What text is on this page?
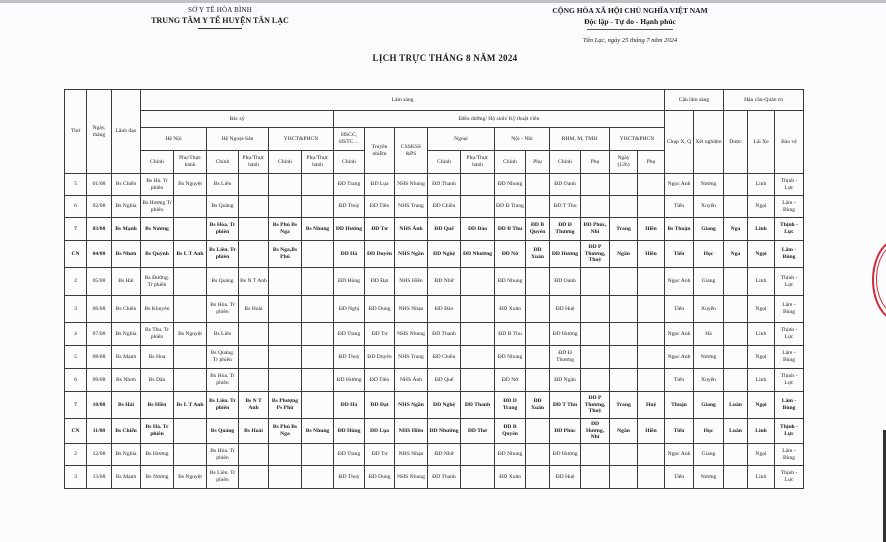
SỞ Y TẾ HÒA BÌNH
TRUNG TÂM Y TẾ HUYỆN TÂN LẠC
CỘNG HÒA XÃ HỘI CHỦ NGHĨA VIỆT NAM
Độc lập - Tự do - Hạnh phúc
Tân Lạc, ngày 25 tháng 7 năm 2024
LỊCH TRỰC THÁNG 8 NĂM 2024
Thứ	Ngày, tháng	Lãnh đạo	Lâm sàng																	Cận lâm sàng		Hậu cần-Quản trị		
			Bác sỹ						Điều dưỡng/ Hộ sinh/ Kỹ thuật viên											Chụp X, Q	Xét nghiệm	Dược	Lái Xe	Bảo vệ
			Hệ Nội		Hệ Ngoại-Sản		YHCT&PHCN		HSCC, HSTC…	Truyền nhiễm	CSSKSS &PS	Ngoại		Nội - Nhi		RHM, M, TMH		YHCT&PHCN						
			Chính	Phụ/Thực hành	Chính	Phụ/Thực hành	Chính	Phụ/Thực hành	Chính			Chính	Phụ/Thực hành	Chính	Phụ	Chính	Phụ	Ngày (12h)	Phụ					
5	01/08	Bs Chiến	Bs Hà. Tr phiên	Bs Nguyệt	Bs Liên				ĐD Trang	ĐD Lụa	NHS Nhung	ĐD Thanh		ĐD Nhung		ĐD Oanh				Ngọc Anh	Nương		Linh	Thịnh - Lực
6	02/08	Bs Nghĩa	Bs Hương Tr phiên		Bs Quảng				ĐD Thuỳ	ĐD Tiên	NHS Trang	ĐD Chiều		ĐD Đ Trang		ĐD T Thu				Tiến	Xuyến		Ngọi	Lâm - Bùng
7	03/08	Bs Mạnh	Bs Nương		Bs Hòa. Tr phiên		Bs Phú Bs Nga	Bs Nhung	ĐD Hường	ĐD Tư	NHS Ánh	ĐD Quế	ĐD Đào	ĐD B Thu	ĐD B Quyên	ĐD Đ Thương	ĐD Phúc, Nhi	Trang	Hiền	Bs Thuận	Giang	Nga	Linh	Thịnh - Lực
CN	04/08	Bs Nhơn	Bs Quỳnh	Bs L T Anh	Bs Liên. Tr phiên		Bs Nga,Bs Phú		ĐD Hà	ĐD Duyên	NHS Ngần	ĐD Nghệ	ĐD Nhường	ĐD Nở	ĐD Xuân	ĐD Hương	ĐD P Thương, Thuỳ	Ngần	Hiền	Tiến	Học	Nga	Ngọi	Lâm - Bùng
2	05/08	Bs Hải	Bs Đường. Tr phiên		Bs Quảng	Bs N T Anh			ĐD Hùng	ĐD Đạt	NHS Hiền	ĐD Nhữ		ĐD Nhung		ĐD Oanh				Ngọc Anh	Giang		Linh	Thịnh - Lực
3	06/08	Bs Chiến	Bs Khuyên		Bs Hòa. Tr phiên	Bs Hoài			ĐD Nghị	ĐD Dung	NHS Nhạn	ĐD Đào		ĐD Xuân		ĐD Huệ				Tiến	Xuyến		Ngọi	Lâm - Bùng
4	07/08	Bs Nghĩa	Bs Thu. Tr phiên	Bs Nguyệt	Bs Liên				ĐD Trang	ĐD Tư	NHS Nhung	ĐD Thanh		ĐD B Thu		ĐD Hương				Ngọc Anh	Hà		Linh	Thịnh - Lực
5	08/08	Bs Mạnh	Bs Hoa		Bs Quảng. Tr phiên				ĐD Thuỳ	ĐD Duyên	NHS Trang	ĐD Chiều		ĐD Nhung		ĐD Đ Thương				Ngọc Anh	Nương		Ngọi	Lâm - Bùng
6	09/08	Bs Nhơn	Bs Dân		Bs Hòa. Tr phiên				ĐD Hường	ĐD Tiên	NHS Ánh	ĐD Quế		ĐD Nở		ĐD Ngân				Tiến	Xuyến		Linh	Thịnh - Lực
7	10/08	Bs Hải	Bs Hiền	Bs L T Anh	Bs Liên. Tr phiên	Bs N T Anh	Bs Phượng Ps Phú		ĐD Hà	ĐD Đạt	NHS Ngần	ĐD Nghệ	ĐD Thanh	ĐD D Trang	ĐD Xuân	ĐD T Thu	ĐD P Thương, Thuỳ	Trang	Huệ	Thuận	Giang	Luân	Ngọi	Lâm - Bùng
CN	11/08	Bs Chiến	Bs Hà. Tr phiên		Bs Quảng	Bs Hoài	Bs Phú Bs Nga	Bs Nhung	ĐD Hùng	ĐD Lụa	NHS Hiền	ĐD Nhường	ĐD Thơ	ĐD B Quyên		ĐD Phúc	ĐD Hương, Nhi	Ngần	Hiền	Tiến	Học	Luân	Linh	Thịnh - Lực
2	12/08	Bs Nghĩa	Bs Hương		Bs Hòa. Tr phiên				ĐD Trang	ĐD Tư	NHS Nhạn	ĐD Nhữ		ĐD Nhung		ĐD Hương				Ngọc Anh	Giang		Ngọi	Lâm - Bùng
3	13/08	Bs Mạnh	Bs Nương	Bs Nguyệt	Bs Liên. Tr phiên				ĐD Thuỳ	ĐD Dung	NHS Nhung	ĐD Thanh		ĐD Xuân		ĐD Huệ				Tiến	Nương		Linh	Thịnh - Lực
